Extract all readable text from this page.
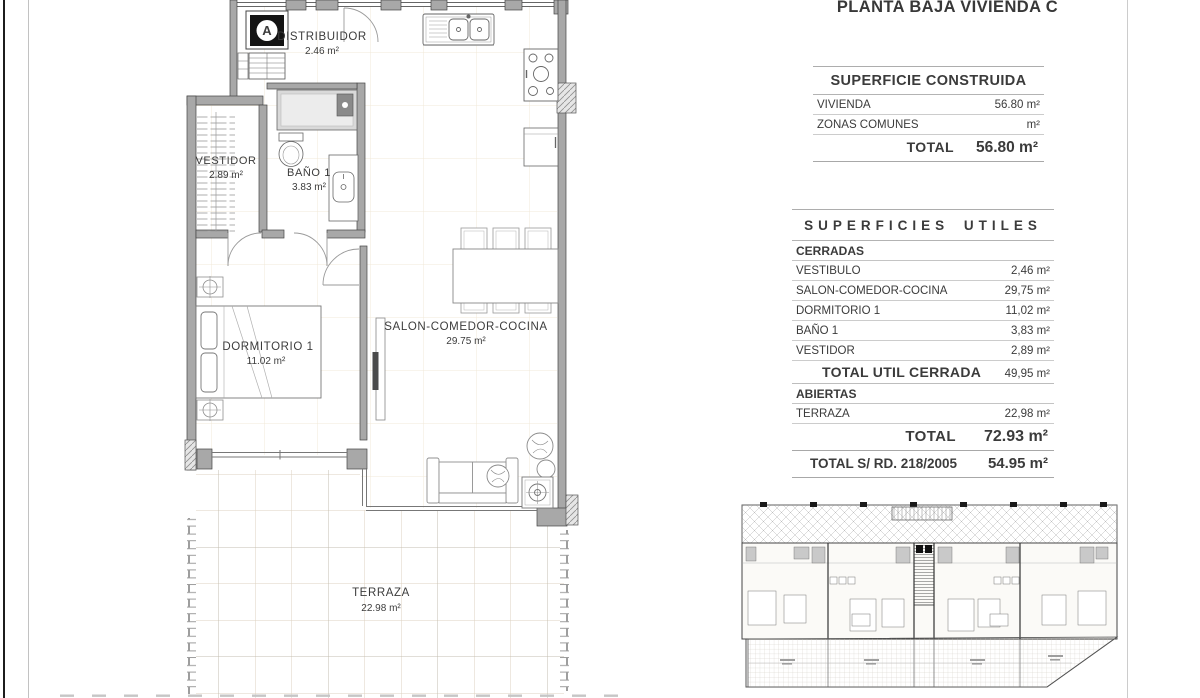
A DISTRIBUIDOR
2.46 m²
VESTIDOR
2.89 m²	BAÑO 1
3.83 m²
DORMITORIO 1
11.02 m²
SALON-COMEDOR-COCINA
29.75 m²
TERRAZA
22.98 m²
PLANTA BAJA VIVIENDA C
SUPERFICIE CONSTRUIDA
VIVIENDA	56.80 m²
ZONAS COMUNES	m²
TOTAL 56.80 m²
SUPERFICIES UTILES
CERRADAS
VESTIBULO	2,46 m²
SALON-COMEDOR-COCINA	29,75 m²
DORMITORIO 1	11,02 m²
BAÑO 1	3,83 m²
VESTIDOR	2,89 m²
TOTAL UTIL CERRADA 49,95 m²
ABIERTAS
TERRAZA	22,98 m²
TOTAL 72.93 m²
TOTAL S/ RD. 218/2005 54.95 m²
